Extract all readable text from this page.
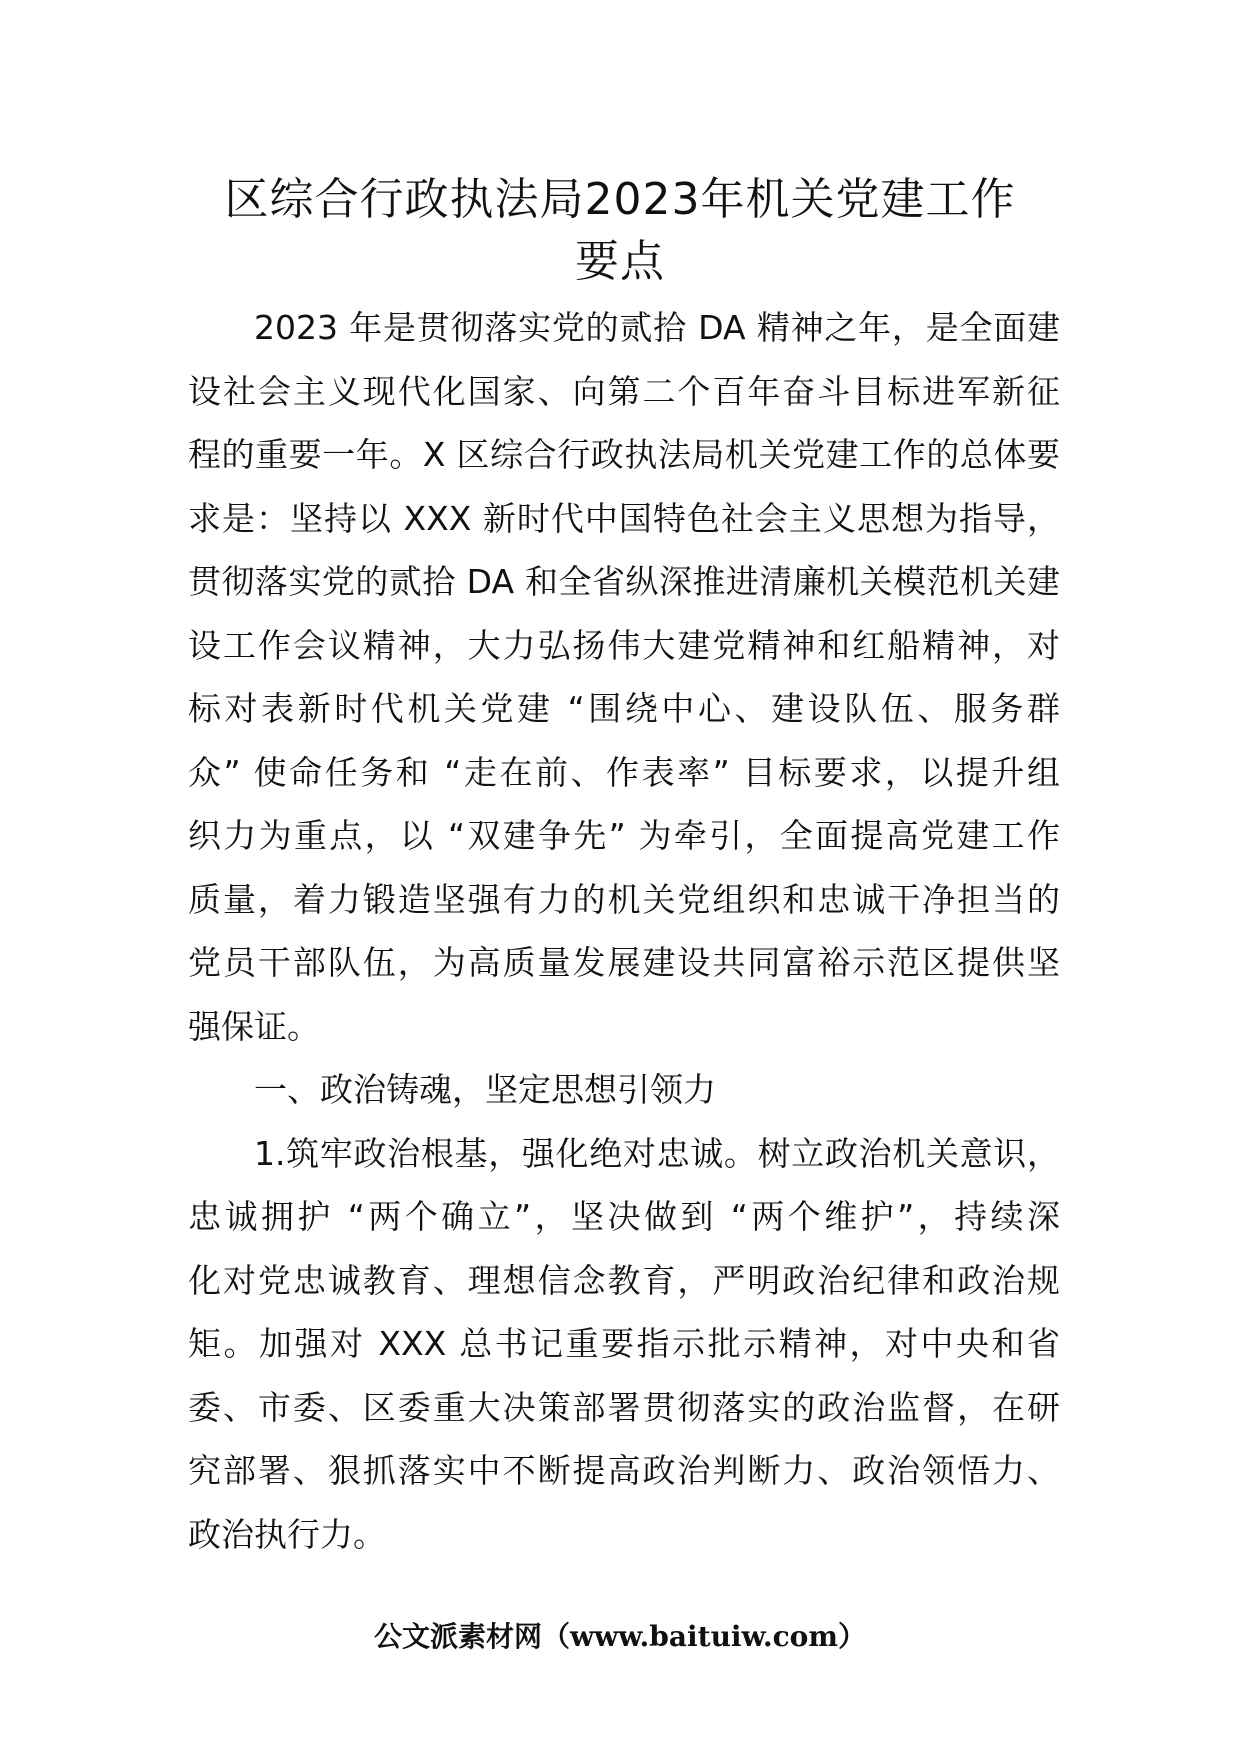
区综合行政执法局2023年机关党建工作
要点
2023 年是贯彻落实党的贰拾 DA 精神之年，是全面建
设社会主义现代化国家、向第二个百年奋斗目标进军新征
程的重要一年。X 区综合行政执法局机关党建工作的总体要
求是：坚持以 XXX 新时代中国特色社会主义思想为指导，
贯彻落实党的贰拾 DA 和全省纵深推进清廉机关模范机关建
设工作会议精神，大力弘扬伟大建党精神和红船精神，对
标对表新时代机关党建 “围绕中心、建设队伍、服务群
众” 使命任务和 “走在前、作表率” 目标要求，以提升组
织力为重点，以 “双建争先” 为牵引，全面提高党建工作
质量，着力锻造坚强有力的机关党组织和忠诚干净担当的
党员干部队伍，为高质量发展建设共同富裕示范区提供坚
强保证。
一、政治铸魂，坚定思想引领力
1.筑牢政治根基，强化绝对忠诚。树立政治机关意识，
忠诚拥护 “两个确立”，坚决做到 “两个维护”，持续深
化对党忠诚教育、理想信念教育，严明政治纪律和政治规
矩。加强对 XXX 总书记重要指示批示精神，对中央和省
委、市委、区委重大决策部署贯彻落实的政治监督，在研
究部署、狠抓落实中不断提高政治判断力、政治领悟力、
政治执行力。
公文派素材网（www.baituiw.com）
